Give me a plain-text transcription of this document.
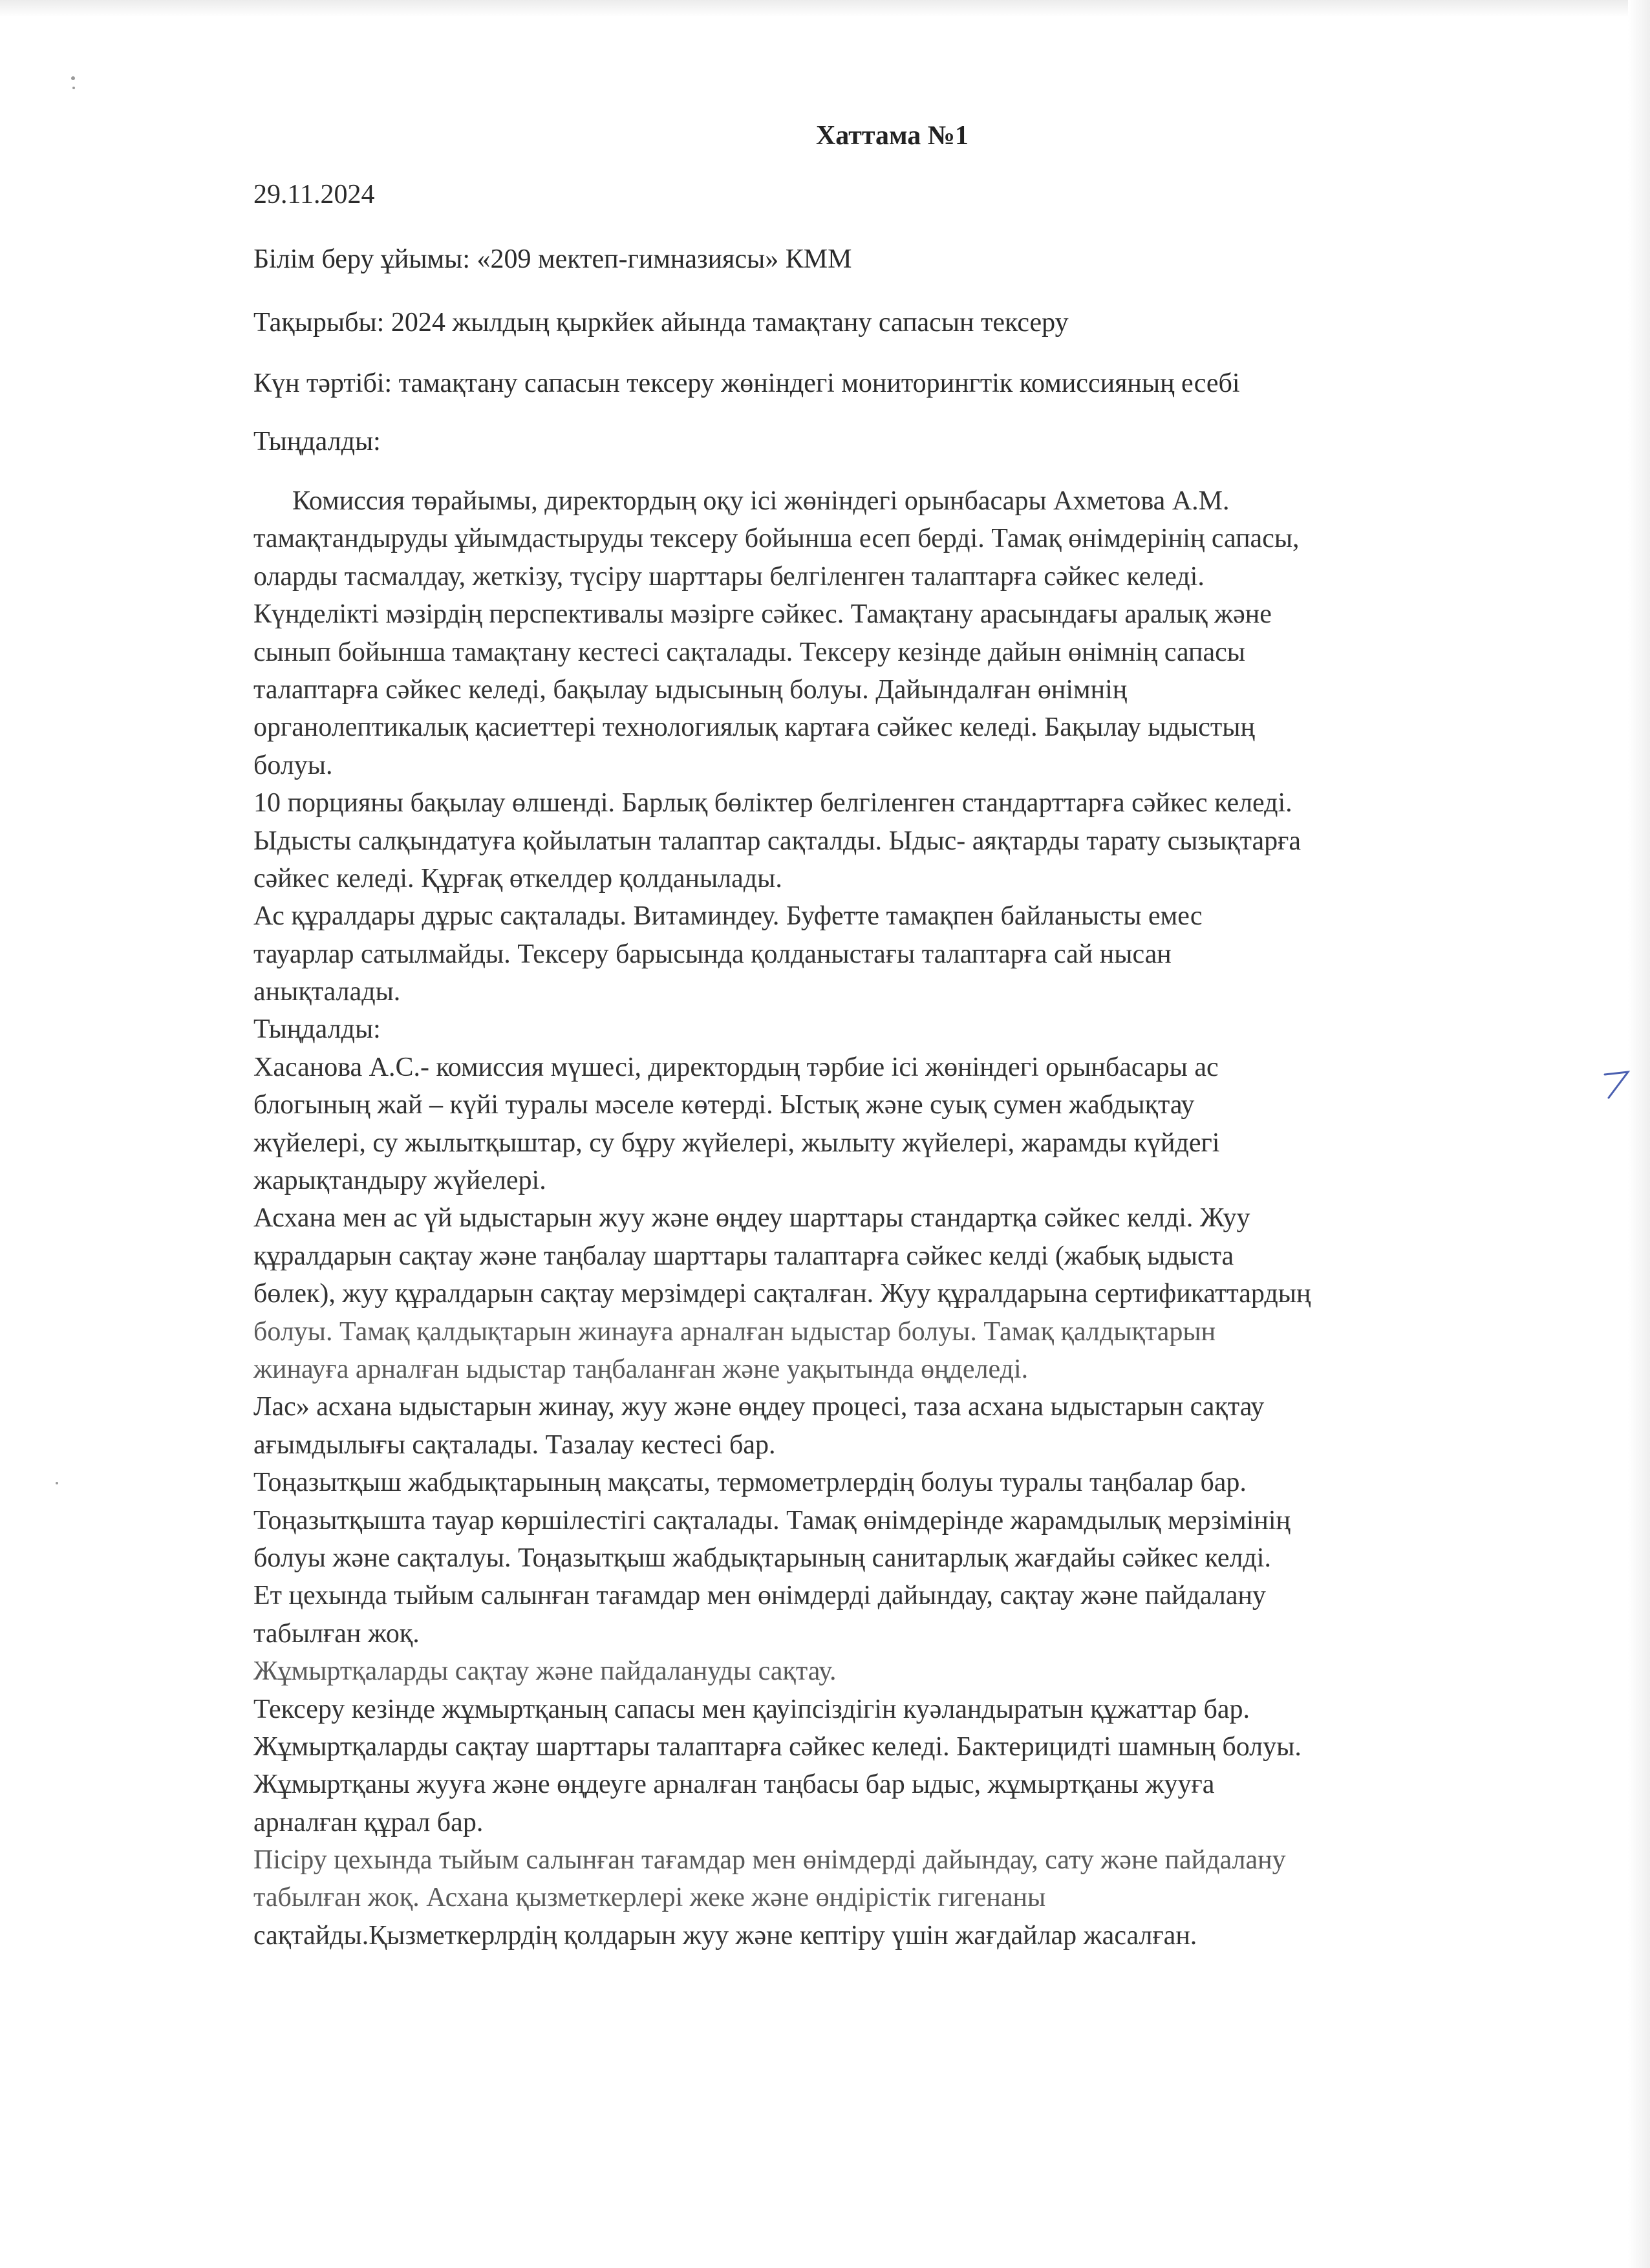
Хаттама №1
29.11.2024
Білім беру ұйымы: «209 мектеп-гимназиясы» КММ
Тақырыбы: 2024 жылдың қыркйек айында тамақтану сапасын тексеру
Күн тәртібі: тамақтану сапасын тексеру жөніндегі мониторингтік комиссияның есебі
Тыңдалды:
Комиссия төрайымы, директордың оқу ісі жөніндегі орынбасары Ахметова А.М.
тамақтандыруды ұйымдастыруды тексеру бойынша есеп берді. Тамақ өнімдерінің сапасы,
оларды тасмалдау, жеткізу, түсіру шарттары белгіленген талаптарға сәйкес келеді.
Күнделікті мәзірдің перспективалы мәзірге сәйкес. Тамақтану арасындағы аралық және
сынып бойынша тамақтану кестесі сақталады. Тексеру кезінде дайын өнімнің сапасы
талаптарға сәйкес келеді, бақылау ыдысының болуы. Дайындалған өнімнің
органолептикалық қасиеттері технологиялық картаға сәйкес келеді. Бақылау ыдыстың
болуы.
10 порцияны бақылау өлшенді. Барлық бөліктер белгіленген стандарттарға сәйкес келеді.
Ыдысты салқындатуға қойылатын талаптар сақталды. Ыдыс- аяқтарды тарату сызықтарға
сәйкес келеді. Құрғақ өткелдер қолданылады.
Ас құралдары дұрыс сақталады. Витаминдеу. Буфетте тамақпен байланысты емес
тауарлар сатылмайды. Тексеру барысында қолданыстағы талаптарға сай нысан
анықталады.
Тыңдалды:
Хасанова А.С.- комиссия мүшесі, директордың тәрбие ісі жөніндегі орынбасары ас
блогының жай – күйі туралы мәселе көтерді. Ыстық және суық сумен жабдықтау
жүйелері, су жылытқыштар, су бұру жүйелері, жылыту жүйелері, жарамды күйдегі
жарықтандыру жүйелері.
Асхана мен ас үй ыдыстарын жуу және өңдеу шарттары стандартқа сәйкес келді. Жуу
құралдарын сақтау және таңбалау шарттары талаптарға сәйкес келді (жабық ыдыста
бөлек), жуу құралдарын сақтау мерзімдері сақталған. Жуу құралдарына сертификаттардың
болуы. Тамақ қалдықтарын жинауға арналған ыдыстар болуы. Тамақ қалдықтарын
жинауға арналған ыдыстар таңбаланған және уақытында өңделеді.
Лас» асхана ыдыстарын жинау, жуу және өңдеу процесі, таза асхана ыдыстарын сақтау
ағымдылығы сақталады. Тазалау кестесі бар.
Тоңазытқыш жабдықтарының мақсаты, термометрлердің болуы туралы таңбалар бар.
Тоңазытқышта тауар көршілестігі сақталады. Тамақ өнімдерінде жарамдылық мерзімінің
болуы және сақталуы. Тоңазытқыш жабдықтарының санитарлық жағдайы сәйкес келді.
Ет цехында тыйым салынған тағамдар мен өнімдерді дайындау, сақтау және пайдалану
табылған жоқ.
Жұмыртқаларды сақтау және пайдалануды сақтау.
Тексеру кезінде жұмыртқаның сапасы мен қауіпсіздігін куәландыратын құжаттар бар.
Жұмыртқаларды сақтау шарттары талаптарға сәйкес келеді. Бактерицидті шамның болуы.
Жұмыртқаны жууға және өңдеуге арналған таңбасы бар ыдыс, жұмыртқаны жууға
арналған құрал бар.
Пісіру цехында тыйым салынған тағамдар мен өнімдерді дайындау, сату және пайдалану
табылған жоқ. Асхана қызметкерлері жеке және өндірістік гигенаны
сақтайды.Қызметкерлрдің қолдарын жуу және кептіру үшін жағдайлар жасалған.
